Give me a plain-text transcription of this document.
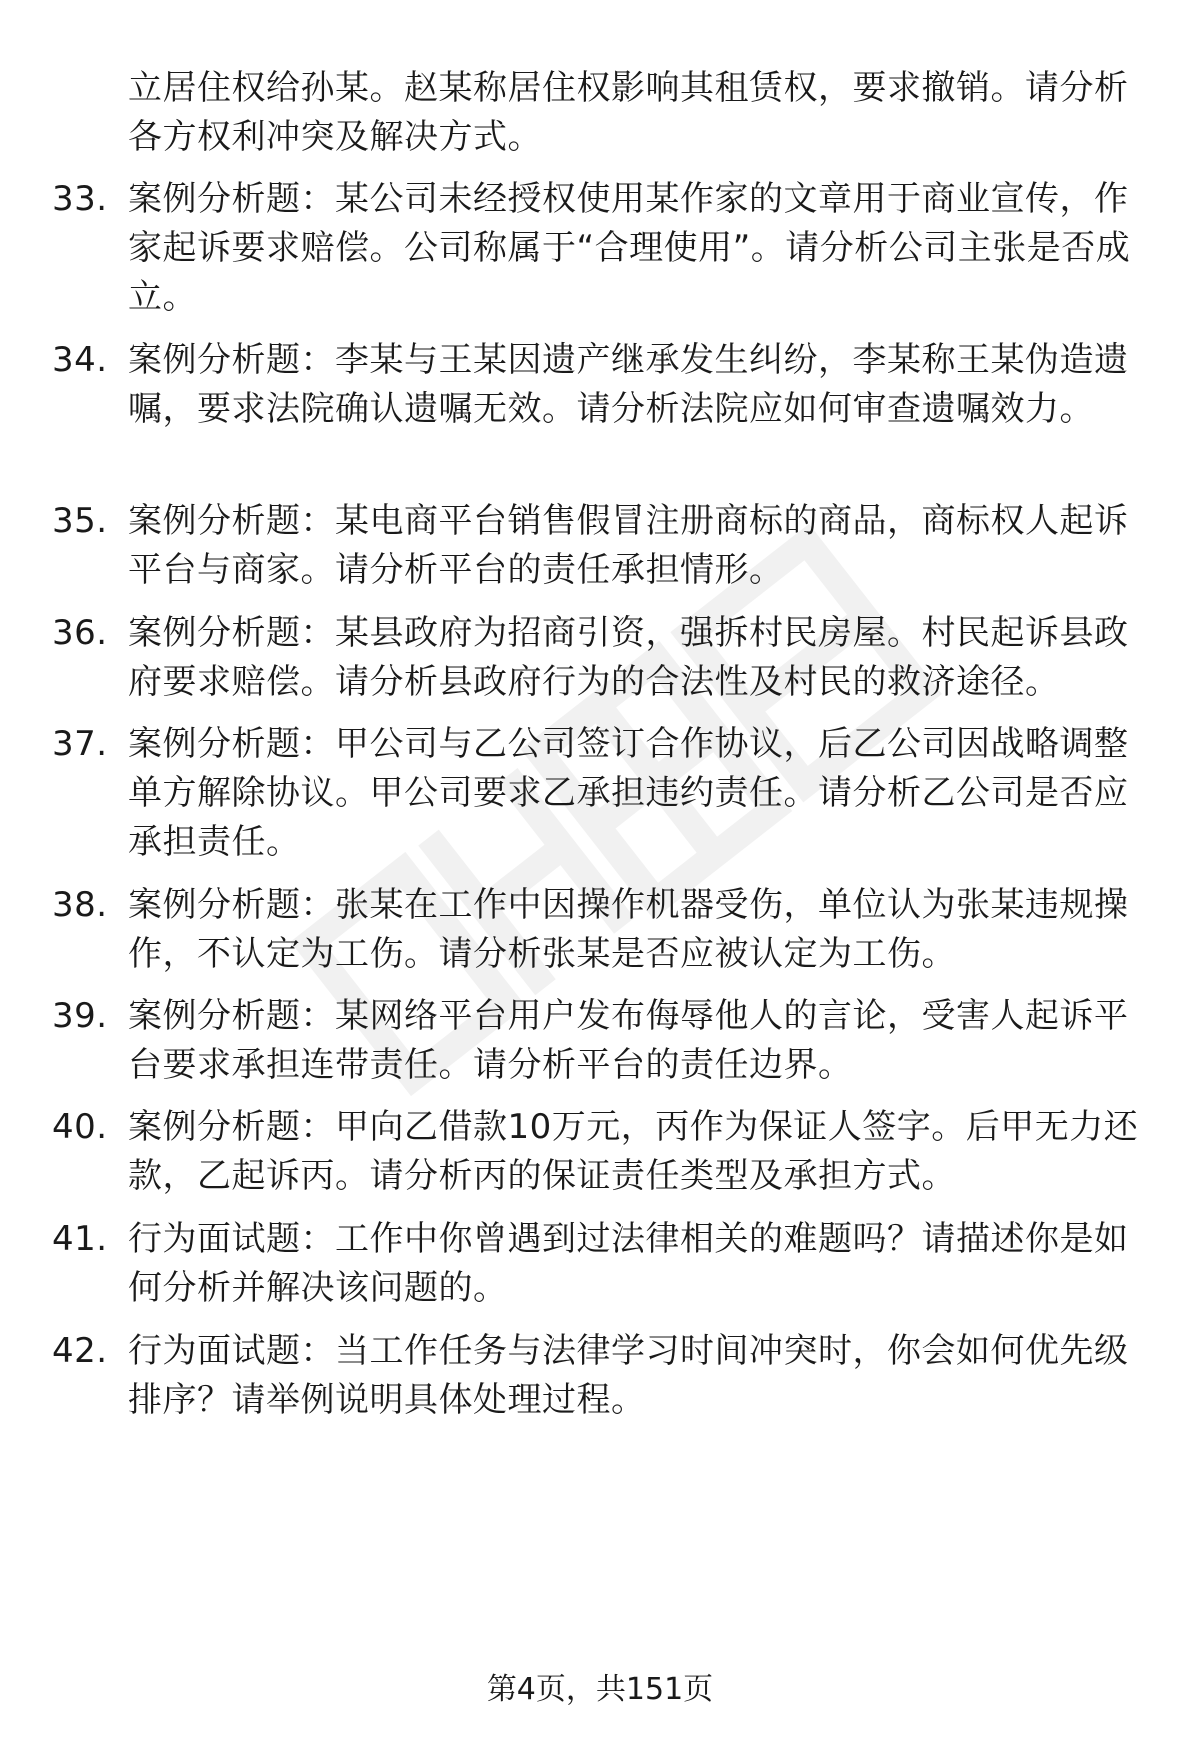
立居住权给孙某。赵某称居住权影响其租赁权，要求撤销。请分析各方权利冲突及解决方式。
33. 案例分析题：某公司未经授权使用某作家的文章用于商业宣传，作家起诉要求赔偿。公司称属于“合理使用”。请分析公司主张是否成立。
34. 案例分析题：李某与王某因遗产继承发生纠纷，李某称王某伪造遗嘱，要求法院确认遗嘱无效。请分析法院应如何审查遗嘱效力。
35. 案例分析题：某电商平台销售假冒注册商标的商品，商标权人起诉平台与商家。请分析平台的责任承担情形。
36. 案例分析题：某县政府为招商引资，强拆村民房屋。村民起诉县政府要求赔偿。请分析县政府行为的合法性及村民的救济途径。
37. 案例分析题：甲公司与乙公司签订合作协议，后乙公司因战略调整单方解除协议。甲公司要求乙承担违约责任。请分析乙公司是否应承担责任。
38. 案例分析题：张某在工作中因操作机器受伤，单位认为张某违规操作，不认定为工伤。请分析张某是否应被认定为工伤。
39. 案例分析题：某网络平台用户发布侮辱他人的言论，受害人起诉平台要求承担连带责任。请分析平台的责任边界。
40. 案例分析题：甲向乙借款10万元，丙作为保证人签字。后甲无力还款，乙起诉丙。请分析丙的保证责任类型及承担方式。
41. 行为面试题：工作中你曾遇到过法律相关的难题吗？请描述你是如何分析并解决该问题的。
42. 行为面试题：当工作任务与法律学习时间冲突时，你会如何优先级排序？请举例说明具体处理过程。
第4页，共151页
